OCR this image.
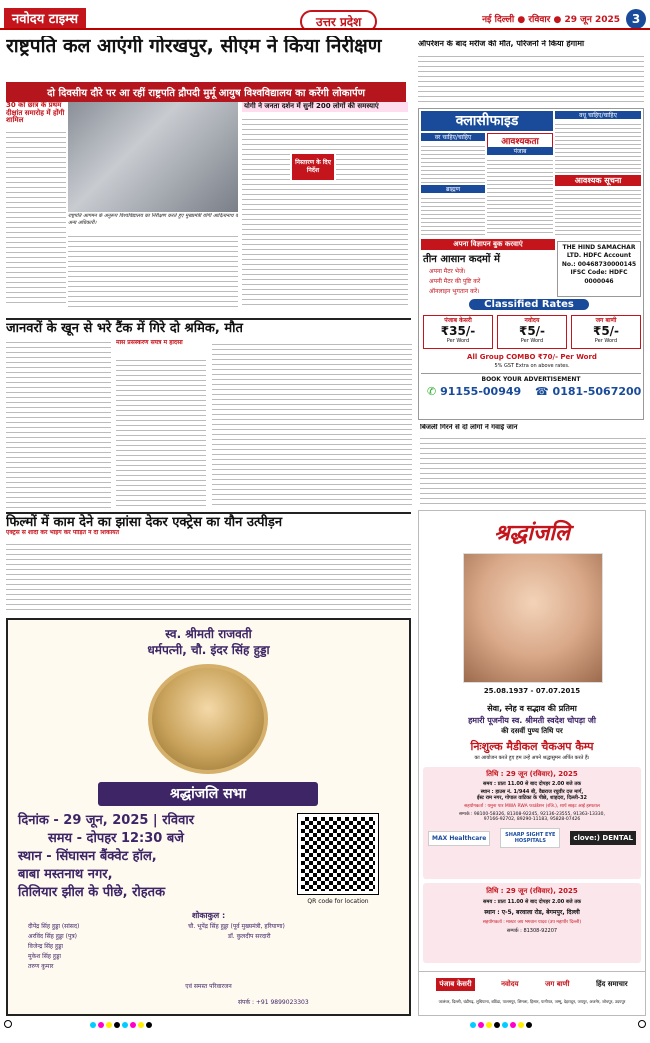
नवोदय टाइम्स	उत्तर प्रदेश	नई दिल्ली ● रविवार ● 29 जून 2025 3
राष्ट्रपति कल आएंगी गोरखपुर, सीएम ने किया निरीक्षण
दो दिवसीय दौरे पर आ रहीं राष्ट्रपति द्रौपदी मुर्मू आयुष विश्वविद्यालय का करेंगी लोकार्पण
30 को छात्र के प्रथम दीक्षांत समारोह में होंगी शामिल
राष्ट्रपति आगमन के अनुरूप विश्वविद्यालय का निरीक्षण करते हुए मुख्यमंत्री योगी आदित्यनाथ व अन्य अधिकारी।
योगी ने जनता दर्शन में सुनीं 200 लोगों की समस्याएं
निस्तारण के दिए निर्देश
ऑपरेशन के बाद मरीज की मौत, परिजनों ने किया हंगामा
क्लासीफाइड	वधू चाहिए/चाहिए
वर चाहिए/चाहिए	आवश्यकता
पंजाब
ब्राह्मण
आवश्यक सूचना
अपना विज्ञापन बुक करवाएं
तीन आसान कदमों में
अपना मैटर भेजें।
अपनी मैटर की पुष्टि करें
ऑनलाइन भुगतान करें।
THE HIND SAMACHAR LTD. HDFC Account No.: 00468730000145 IFSC Code: HDFC 0000046
Classified Rates
पंजाब केसरी
₹35/-
Per Word
नवोदय
₹5/-
Per Word
जग बाणी
₹5/-
Per Word
All Group COMBO ₹70/- Per Word
5% GST Extra on above rates.
BOOK YOUR ADVERTISEMENT
✆ 91155-00949 ☎ 0181-5067200
जानवरों के खून से भरे टैंक में गिरे दो श्रमिक, मौत
मांस प्रसंस्करण संयंत्र में हादसा
बिजली गिरने से दो लोगों ने गंवाई जान
फिल्मों में काम देने का झांसा देकर एक्ट्रेस का यौन उत्पीड़न
एक्ट्रेस से शादी कर भाईग कर पीड़ित ने दी शिकायत
स्व. श्रीमती राजवती
धर्मपत्नी, चौ. इंदर सिंह हुड्डा
श्रद्धांजलि सभा
दिनांक - 29 जून, 2025 | रविवार
समय - दोपहर 12:30 बजे
स्थान - सिंघासन बैंक्वेट हॉल,
बाबा मस्तनाथ नगर,
तिलियार झील के पीछे, रोहतक
QR code for location
शोकाकुल :
दीपेंद्र सिंह हुड्डा (सांसद)
अरविंद सिंह हुड्डा (पुत्र)
विजेन्द्र सिंह हुड्डा
मुकेश सिंह हुड्डा
तरुण कुमार
चौ. भूपेंद्र सिंह हुड्डा (पूर्व मुख्यमंत्री, हरियाणा)
डॉ. कुलदीप सरदारी
एवं समस्त परिवारजन
संपर्क : +91 9899023303
श्रद्धांजलि
25.08.1937 - 07.07.2015
सेवा, स्नेह व सद्भाव की प्रतिमा
हमारी पूजनीय स्व. श्रीमती स्वदेश चोपड़ा जी
की दसवीं पुण्य तिथि पर
निःशुल्क मैडीकल चैकअप कैम्प
का आयोजन करते हुए हम उन्हें अपने श्रद्धासुमन अर्पित करते हैं।
तिथि : 29 जून (रविवार), 2025
समय : प्रातः 11.00 से बाद दोपहर 2.00 बजे तक
स्थान : हाउस नं. 1/944 बी, वैद्यराज रघुवीर दत्त मार्ग,
ईस्ट राम नगर, गोपाल वाटिका के पीछे, शाहदरा, दिल्ली-32
सहयोगकर्ता : यमुना पार MWA RWA फाउंडेशन (रजि.), शार्प साइट आई हस्पताल
सम्पर्क : 98100-58326, 81308-92245, 92136-23555, 91363-13330,
97166-92702, 89290-11183, 95828-07426
MAX Healthcare	SHARP SIGHT EYE HOSPITALS	clove:) DENTAL
तिथि : 29 जून (रविवार), 2025
समय : प्रातः 11.00 से बाद दोपहर 2.00 बजे तक
स्थान : ए-5, बरवाला रोड, बेगमपुर, दिल्ली
सहयोगकर्ता : मास्टर जय भगवान यादव (उप महापौर दिल्ली)
सम्पर्क : 81308-92207
पंजाब केसरी	नवोदय	जग बाणी	हिंद समाचार
जालंधर, दिल्ली, चंडीगढ़, लुधियाना, बठिंडा, पालमपुर, शिमला, हिसार, पानीपत, जम्मू, देहरादून, जयपुर, अजमेर, जोधपुर, उदयपुर
